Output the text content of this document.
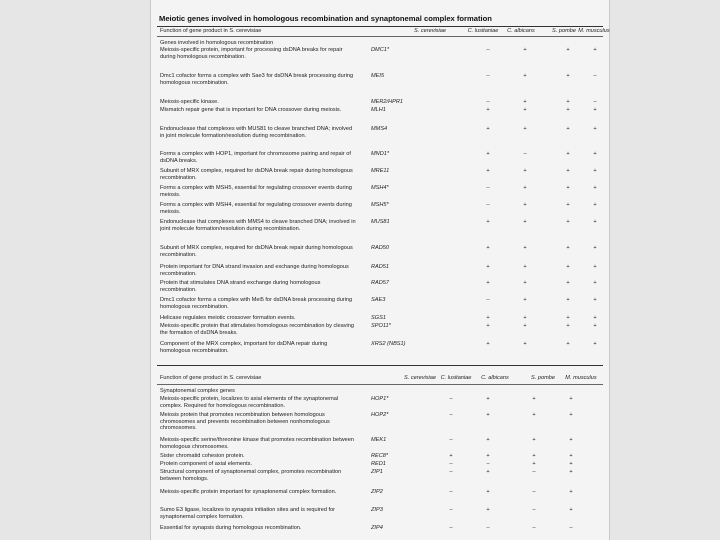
Meiotic genes involved in homologous recombination and synaptonemal complex formation
Function of gene product in S. cerevisiae	S. cerevisiae	C. lusitaniae	C. albicans	S. pombe M. musculus
Genes involved in homologous recombination
Meiosis-specific protein, important for processing dsDNA breaks for repair during homologous recombination.
DMC1*	–	+	+	+
Dmc1 cofactor forms a complex with Sae3 for dsDNA break processing during homologous recombination.
MEI5	–	+	+	–
Meiosis-specific kinase.	MER2/HPR1	–	+	+	–
Mismatch repair gene that is important for DNA crossover during meiosis.	MLH1	+	+	+	+
Endonuclease that complexes with MUS81 to cleave branched DNA; involved in joint molecule formation/resolution during recombination.
MMS4	+	+	+	+
Forms a complex with HOP1, important for chromosome pairing and repair of dsDNA breaks.
MND1*	+	–	+	+
Subunit of MRX complex, required for dsDNA break repair during homologous recombination.
MRE11	+	+	+	+
Forms a complex with MSH5, essential for regulating crossover events during meiosis.
MSH4*	–	+	+	+
Forms a complex with MSH4, essential for regulating crossover events during meiosis.
MSH5*	–	+	+	+
Endonuclease that complexes with MMS4 to cleave branched DNA; involved in joint molecule formation/resolution during recombination.
MUS81	+	+	+	+
Subunit of MRX complex, required for dsDNA break repair during homologous recombination.
RAD50	+	+	+	+
Protein important for DNA strand invasion and exchange during homologous recombination.
RAD51	+	+	+	+
Protein that stimulates DNA strand exchange during homologous recombination.
RAD57	+	+	+	+
Dmc1 cofactor forms a complex with Mei5 for dsDNA break processing during homologous recombination.
SAE3	–	+	+	+
Helicase regulates meiotic crossover formation events.	SGS1	+	+	+	+
Meiosis-specific protein that stimulates homologous recombination by cleaving the formation of dsDNA breaks.
SPO11*	+	+	+	+
Component of the MRX complex, important for dsDNA repair during homologous recombination.
XRS2 (NBS1)	+	+	+	+
Function of gene product in S. cerevisiae	S. cerevisiae C. lusitaniae	C. albicans	S. pombe	M. musculus
Synaptonemal complex genes
Meiosis-specific protein, localizes to axial elements of the synaptonemal complex. Required for homologous recombination.
HOP1*	–	+	+	+
Meiosis protein that promotes recombination between homologous chromosomes and prevents recombination between nonhomologous chromosomes.
HOP2*	–	+	+	+
Meiosis-specific serine/threonine kinase that promotes recombination between homologous chromosomes.
MEK1	–	+	+	+
Sister chromatid cohesion protein.	REC8*	+	+	+	+
Protein component of axial elements.	RED1	–	–	+	+
Structural component of synaptonemal complex, promotes recombination between homologs.
ZIP1	–	+	–	+
Meiosis-specific protein important for synaptonemal complex formation.	ZIP2	–	+	–	+
Sumo E3 ligase, localizes to synapsis initiation sites and is required for synaptonemal complex formation.
ZIP3	–	+	–	+
Essential for synapsis during homologous recombination.	ZIP4	–	–	–	–
